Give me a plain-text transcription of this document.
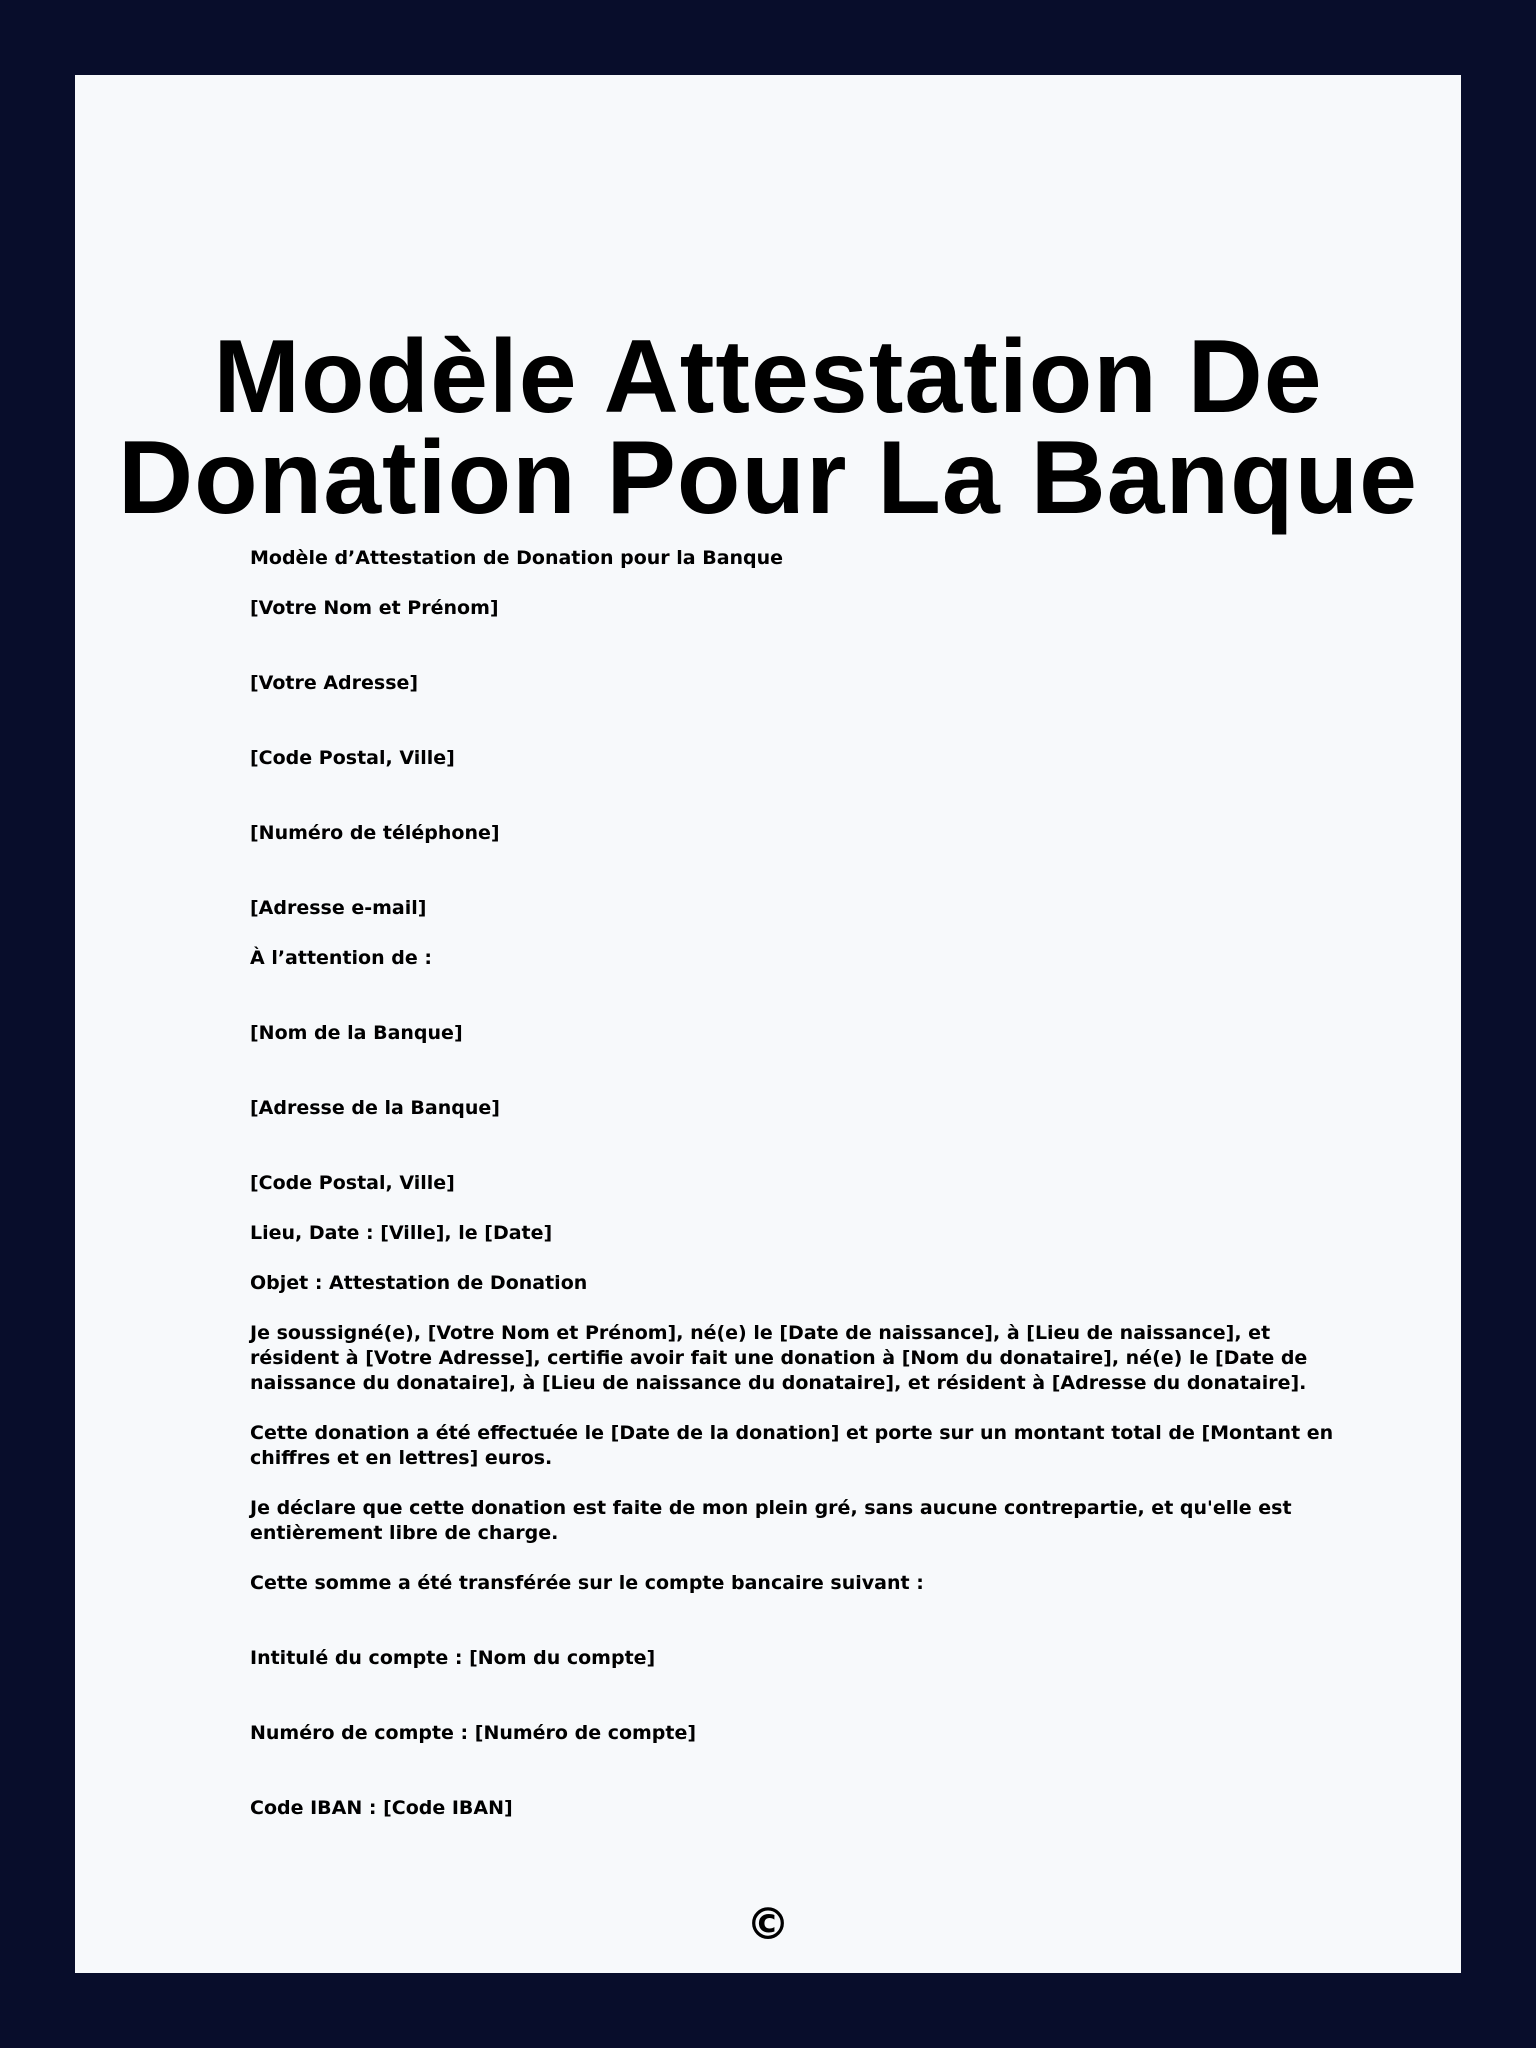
Modèle Attestation De
Donation Pour La Banque

Modèle d’Attestation de Donation pour la Banque

[Votre Nom et Prénom]

[Votre Adresse]

[Code Postal, Ville]

[Numéro de téléphone]

[Adresse e-mail]

À l’attention de :

[Nom de la Banque]

[Adresse de la Banque]

[Code Postal, Ville]

Lieu, Date : [Ville], le [Date]

Objet : Attestation de Donation

Je soussigné(e), [Votre Nom et Prénom], né(e) le [Date de naissance], à [Lieu de naissance], et résident à [Votre Adresse], certifie avoir fait une donation à [Nom du donataire], né(e) le [Date de naissance du donataire], à [Lieu de naissance du donataire], et résident à [Adresse du donataire].

Cette donation a été effectuée le [Date de la donation] et porte sur un montant total de [Montant en chiffres et en lettres] euros.

Je déclare que cette donation est faite de mon plein gré, sans aucune contrepartie, et qu'elle est entièrement libre de charge.

Cette somme a été transférée sur le compte bancaire suivant :

Intitulé du compte : [Nom du compte]

Numéro de compte : [Numéro de compte]

Code IBAN : [Code IBAN]

©
